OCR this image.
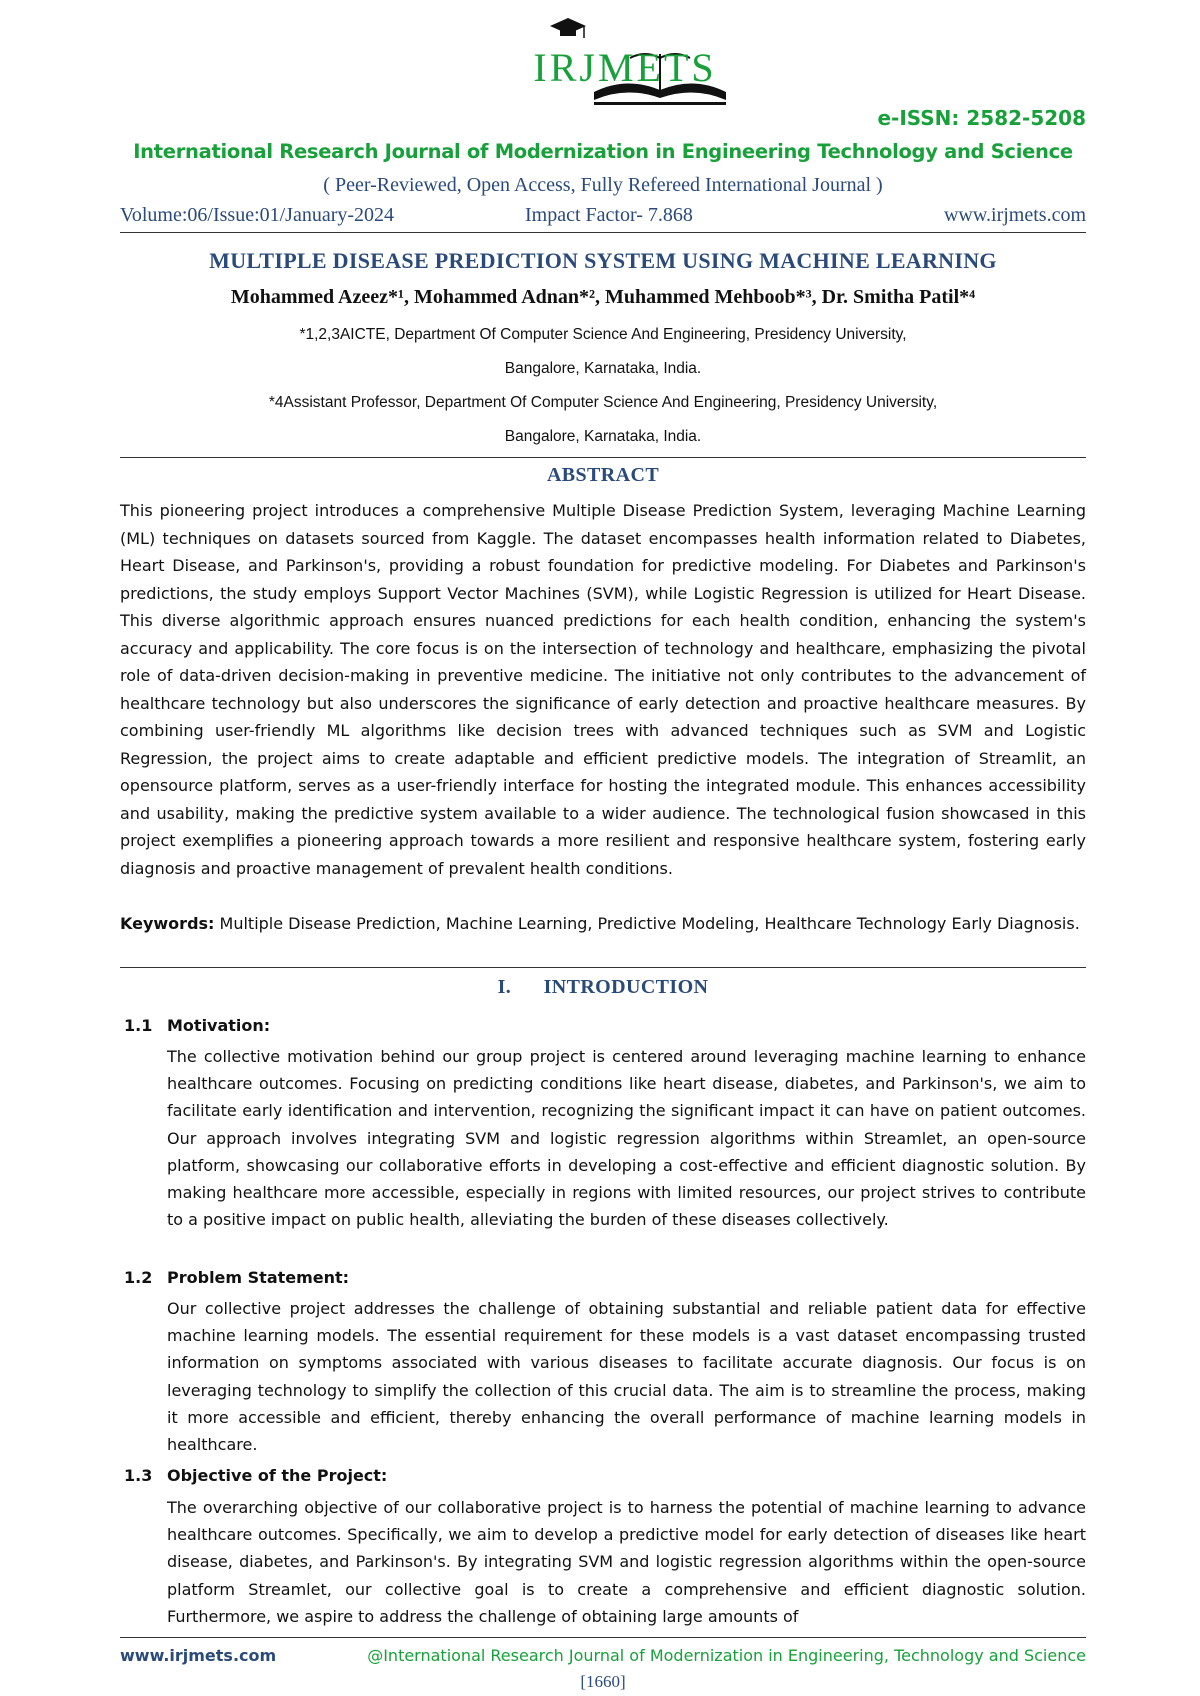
IRJMETS
e-ISSN: 2582-5208
International Research Journal of Modernization in Engineering Technology and Science
( Peer-Reviewed, Open Access, Fully Refereed International Journal )
Volume:06/Issue:01/January-2024	Impact Factor- 7.868	www.irjmets.com
MULTIPLE DISEASE PREDICTION SYSTEM USING MACHINE LEARNING
Mohammed Azeez*¹, Mohammed Adnan*², Muhammed Mehboob*³, Dr. Smitha Patil*⁴
*1,2,3AICTE, Department Of Computer Science And Engineering, Presidency University,
Bangalore, Karnataka, India.
*4Assistant Professor, Department Of Computer Science And Engineering, Presidency University,
Bangalore, Karnataka, India.
ABSTRACT
This pioneering project introduces a comprehensive Multiple Disease Prediction System, leveraging Machine Learning (ML) techniques on datasets sourced from Kaggle. The dataset encompasses health information related to Diabetes, Heart Disease, and Parkinson's, providing a robust foundation for predictive modeling. For Diabetes and Parkinson's predictions, the study employs Support Vector Machines (SVM), while Logistic Regression is utilized for Heart Disease. This diverse algorithmic approach ensures nuanced predictions for each health condition, enhancing the system's accuracy and applicability. The core focus is on the intersection of technology and healthcare, emphasizing the pivotal role of data-driven decision-making in preventive medicine. The initiative not only contributes to the advancement of healthcare technology but also underscores the significance of early detection and proactive healthcare measures. By combining user-friendly ML algorithms like decision trees with advanced techniques such as SVM and Logistic Regression, the project aims to create adaptable and efficient predictive models. The integration of Streamlit, an opensource platform, serves as a user-friendly interface for hosting the integrated module. This enhances accessibility and usability, making the predictive system available to a wider audience. The technological fusion showcased in this project exemplifies a pioneering approach towards a more resilient and responsive healthcare system, fostering early diagnosis and proactive management of prevalent health conditions.
Keywords: Multiple Disease Prediction, Machine Learning, Predictive Modeling, Healthcare Technology Early Diagnosis.
I.      INTRODUCTION
1.1 Motivation:
The collective motivation behind our group project is centered around leveraging machine learning to enhance healthcare outcomes. Focusing on predicting conditions like heart disease, diabetes, and Parkinson's, we aim to facilitate early identification and intervention, recognizing the significant impact it can have on patient outcomes. Our approach involves integrating SVM and logistic regression algorithms within Streamlet, an open-source platform, showcasing our collaborative efforts in developing a cost-effective and efficient diagnostic solution. By making healthcare more accessible, especially in regions with limited resources, our project strives to contribute to a positive impact on public health, alleviating the burden of these diseases collectively.
1.2 Problem Statement:
Our collective project addresses the challenge of obtaining substantial and reliable patient data for effective machine learning models. The essential requirement for these models is a vast dataset encompassing trusted information on symptoms associated with various diseases to facilitate accurate diagnosis. Our focus is on leveraging technology to simplify the collection of this crucial data. The aim is to streamline the process, making it more accessible and efficient, thereby enhancing the overall performance of machine learning models in healthcare.
1.3 Objective of the Project:
The overarching objective of our collaborative project is to harness the potential of machine learning to advance healthcare outcomes. Specifically, we aim to develop a predictive model for early detection of diseases like heart disease, diabetes, and Parkinson's. By integrating SVM and logistic regression algorithms within the open-source platform Streamlet, our collective goal is to create a comprehensive and efficient diagnostic solution. Furthermore, we aspire to address the challenge of obtaining large amounts of
www.irjmets.com	@International Research Journal of Modernization in Engineering, Technology and Science
[1660]
